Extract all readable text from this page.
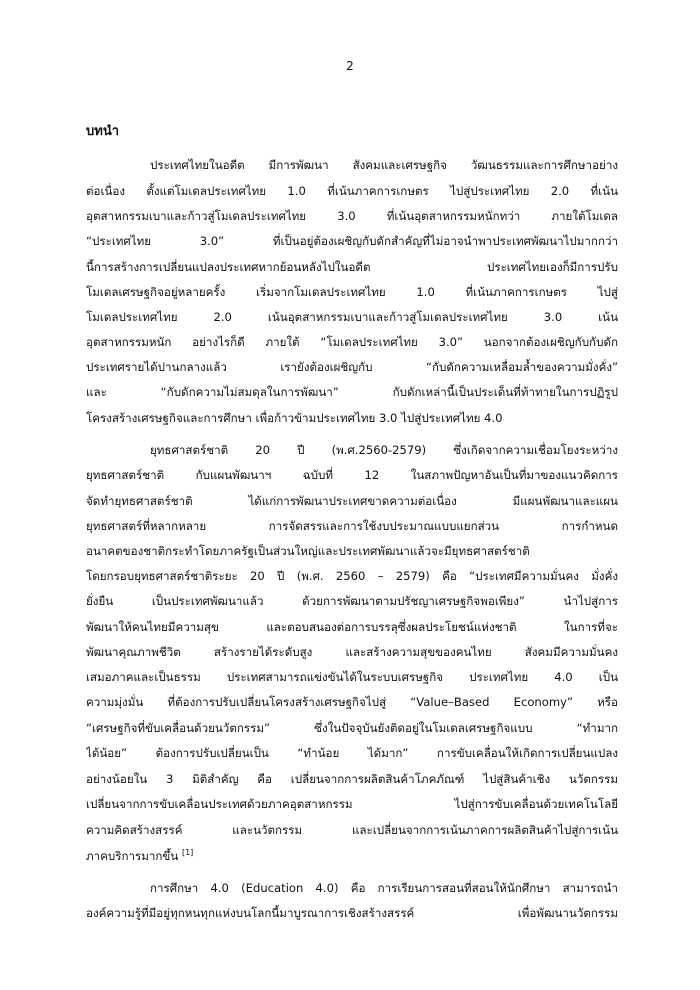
2
บทนำ
ประเทศไทยในอดีต มีการพัฒนา สังคมและเศรษฐกิจ วัฒนธรรมและการศึกษาอย่าง
ต่อเนื่อง ตั้งแต่โมเดลประเทศไทย 1.0 ที่เน้นภาคการเกษตร ไปสู่ประเทศไทย 2.0 ที่เน้น
อุตสาหกรรมเบาและก้าวสู่โมเดลประเทศไทย 3.0 ที่เน้นอุตสาหกรรมหนักทว่า ภายใต้โมเดล
“ประเทศไทย 3.0” ที่เป็นอยู่ต้องเผชิญกับดักสำคัญที่ไม่อาจนำพาประเทศพัฒนาไปมากกว่า
นี้การสร้างการเปลี่ยนแปลงประเทศหากย้อนหลังไปในอดีต ประเทศไทยเองก็มีการปรับ
โมเดลเศรษฐกิจอยู่หลายครั้ง เริ่มจากโมเดลประเทศไทย 1.0 ที่เน้นภาคการเกษตร ไปสู่
โมเดลประเทศไทย 2.0 เน้นอุตสาหกรรมเบาและก้าวสู่โมเดลประเทศไทย 3.0 เน้น
อุตสาหกรรมหนัก อย่างไรก็ดี ภายใต้ “โมเดลประเทศไทย 3.0” นอกจากต้องเผชิญกับกับดัก
ประเทศรายได้ปานกลางแล้ว เรายังต้องเผชิญกับ “กับดักความเหลื่อมล้ำของความมั่งคั่ง”
และ “กับดักความไม่สมดุลในการพัฒนา” กับดักเหล่านี้เป็นประเด็นที่ท้าทายในการปฏิรูป
โครงสร้างเศรษฐกิจและการศึกษา เพื่อก้าวข้ามประเทศไทย 3.0 ไปสู่ประเทศไทย 4.0
ยุทธศาสตร์ชาติ 20 ปี (พ.ศ.2560-2579) ซึ่งเกิดจากความเชื่อมโยงระหว่าง
ยุทธศาสตร์ชาติ กับแผนพัฒนาฯ ฉบับที่ 12 ในสภาพปัญหาอันเป็นที่มาของแนวคิดการ
จัดทำยุทธศาสตร์ชาติ ได้แก่การพัฒนาประเทศขาดความต่อเนื่อง มีแผนพัฒนาและแผน
ยุทธศาสตร์ที่หลากหลาย การจัดสรรและการใช้งบประมาณแบบแยกส่วน การกำหนด
อนาคตของชาติกระทำโดยภาครัฐเป็นส่วนใหญ่และประเทศพัฒนาแล้วจะมียุทธศาสตร์ชาติ
โดยกรอบยุทธศาสตร์ชาติระยะ 20 ปี (พ.ศ. 2560 – 2579) คือ “ประเทศมีความมั่นคง มั่งคั่ง
ยั่งยืน เป็นประเทศพัฒนาแล้ว ด้วยการพัฒนาตามปรัชญาเศรษฐกิจพอเพียง” นำไปสู่การ
พัฒนาให้คนไทยมีความสุข และตอบสนองต่อการบรรลุซึ่งผลประโยชน์แห่งชาติ ในการที่จะ
พัฒนาคุณภาพชีวิต สร้างรายได้ระดับสูง และสร้างความสุขของคนไทย สังคมมีความมั่นคง
เสมอภาคและเป็นธรรม ประเทศสามารถแข่งขันได้ในระบบเศรษฐกิจ ประเทศไทย 4.0 เป็น
ความมุ่งมั่น ที่ต้องการปรับเปลี่ยนโครงสร้างเศรษฐกิจไปสู่ “Value–Based Economy” หรือ
“เศรษฐกิจที่ขับเคลื่อนด้วยนวัตกรรม” ซึ่งในปัจจุบันยังติดอยู่ในโมเดลเศรษฐกิจแบบ “ทำมาก
ได้น้อย” ต้องการปรับเปลี่ยนเป็น “ทำน้อย ได้มาก” การขับเคลื่อนให้เกิดการเปลี่ยนแปลง
อย่างน้อยใน 3 มิติสำคัญ คือ เปลี่ยนจากการผลิตสินค้าโภคภัณฑ์ ไปสู่สินค้าเชิง นวัตกรรม
เปลี่ยนจากการขับเคลื่อนประเทศด้วยภาคอุตสาหกรรม ไปสู่การขับเคลื่อนด้วยเทคโนโลยี
ความคิดสร้างสรรค์ และนวัตกรรม และเปลี่ยนจากการเน้นภาคการผลิตสินค้าไปสู่การเน้น
ภาคบริการมากขึ้น [1]
การศึกษา 4.0 (Education 4.0) คือ การเรียนการสอนที่สอนให้นักศึกษา สามารถนำ
องค์ความรู้ที่มีอยู่ทุกหนทุกแห่งบนโลกนี้มาบูรณาการเชิงสร้างสรรค์ เพื่อพัฒนานวัตกรรม
